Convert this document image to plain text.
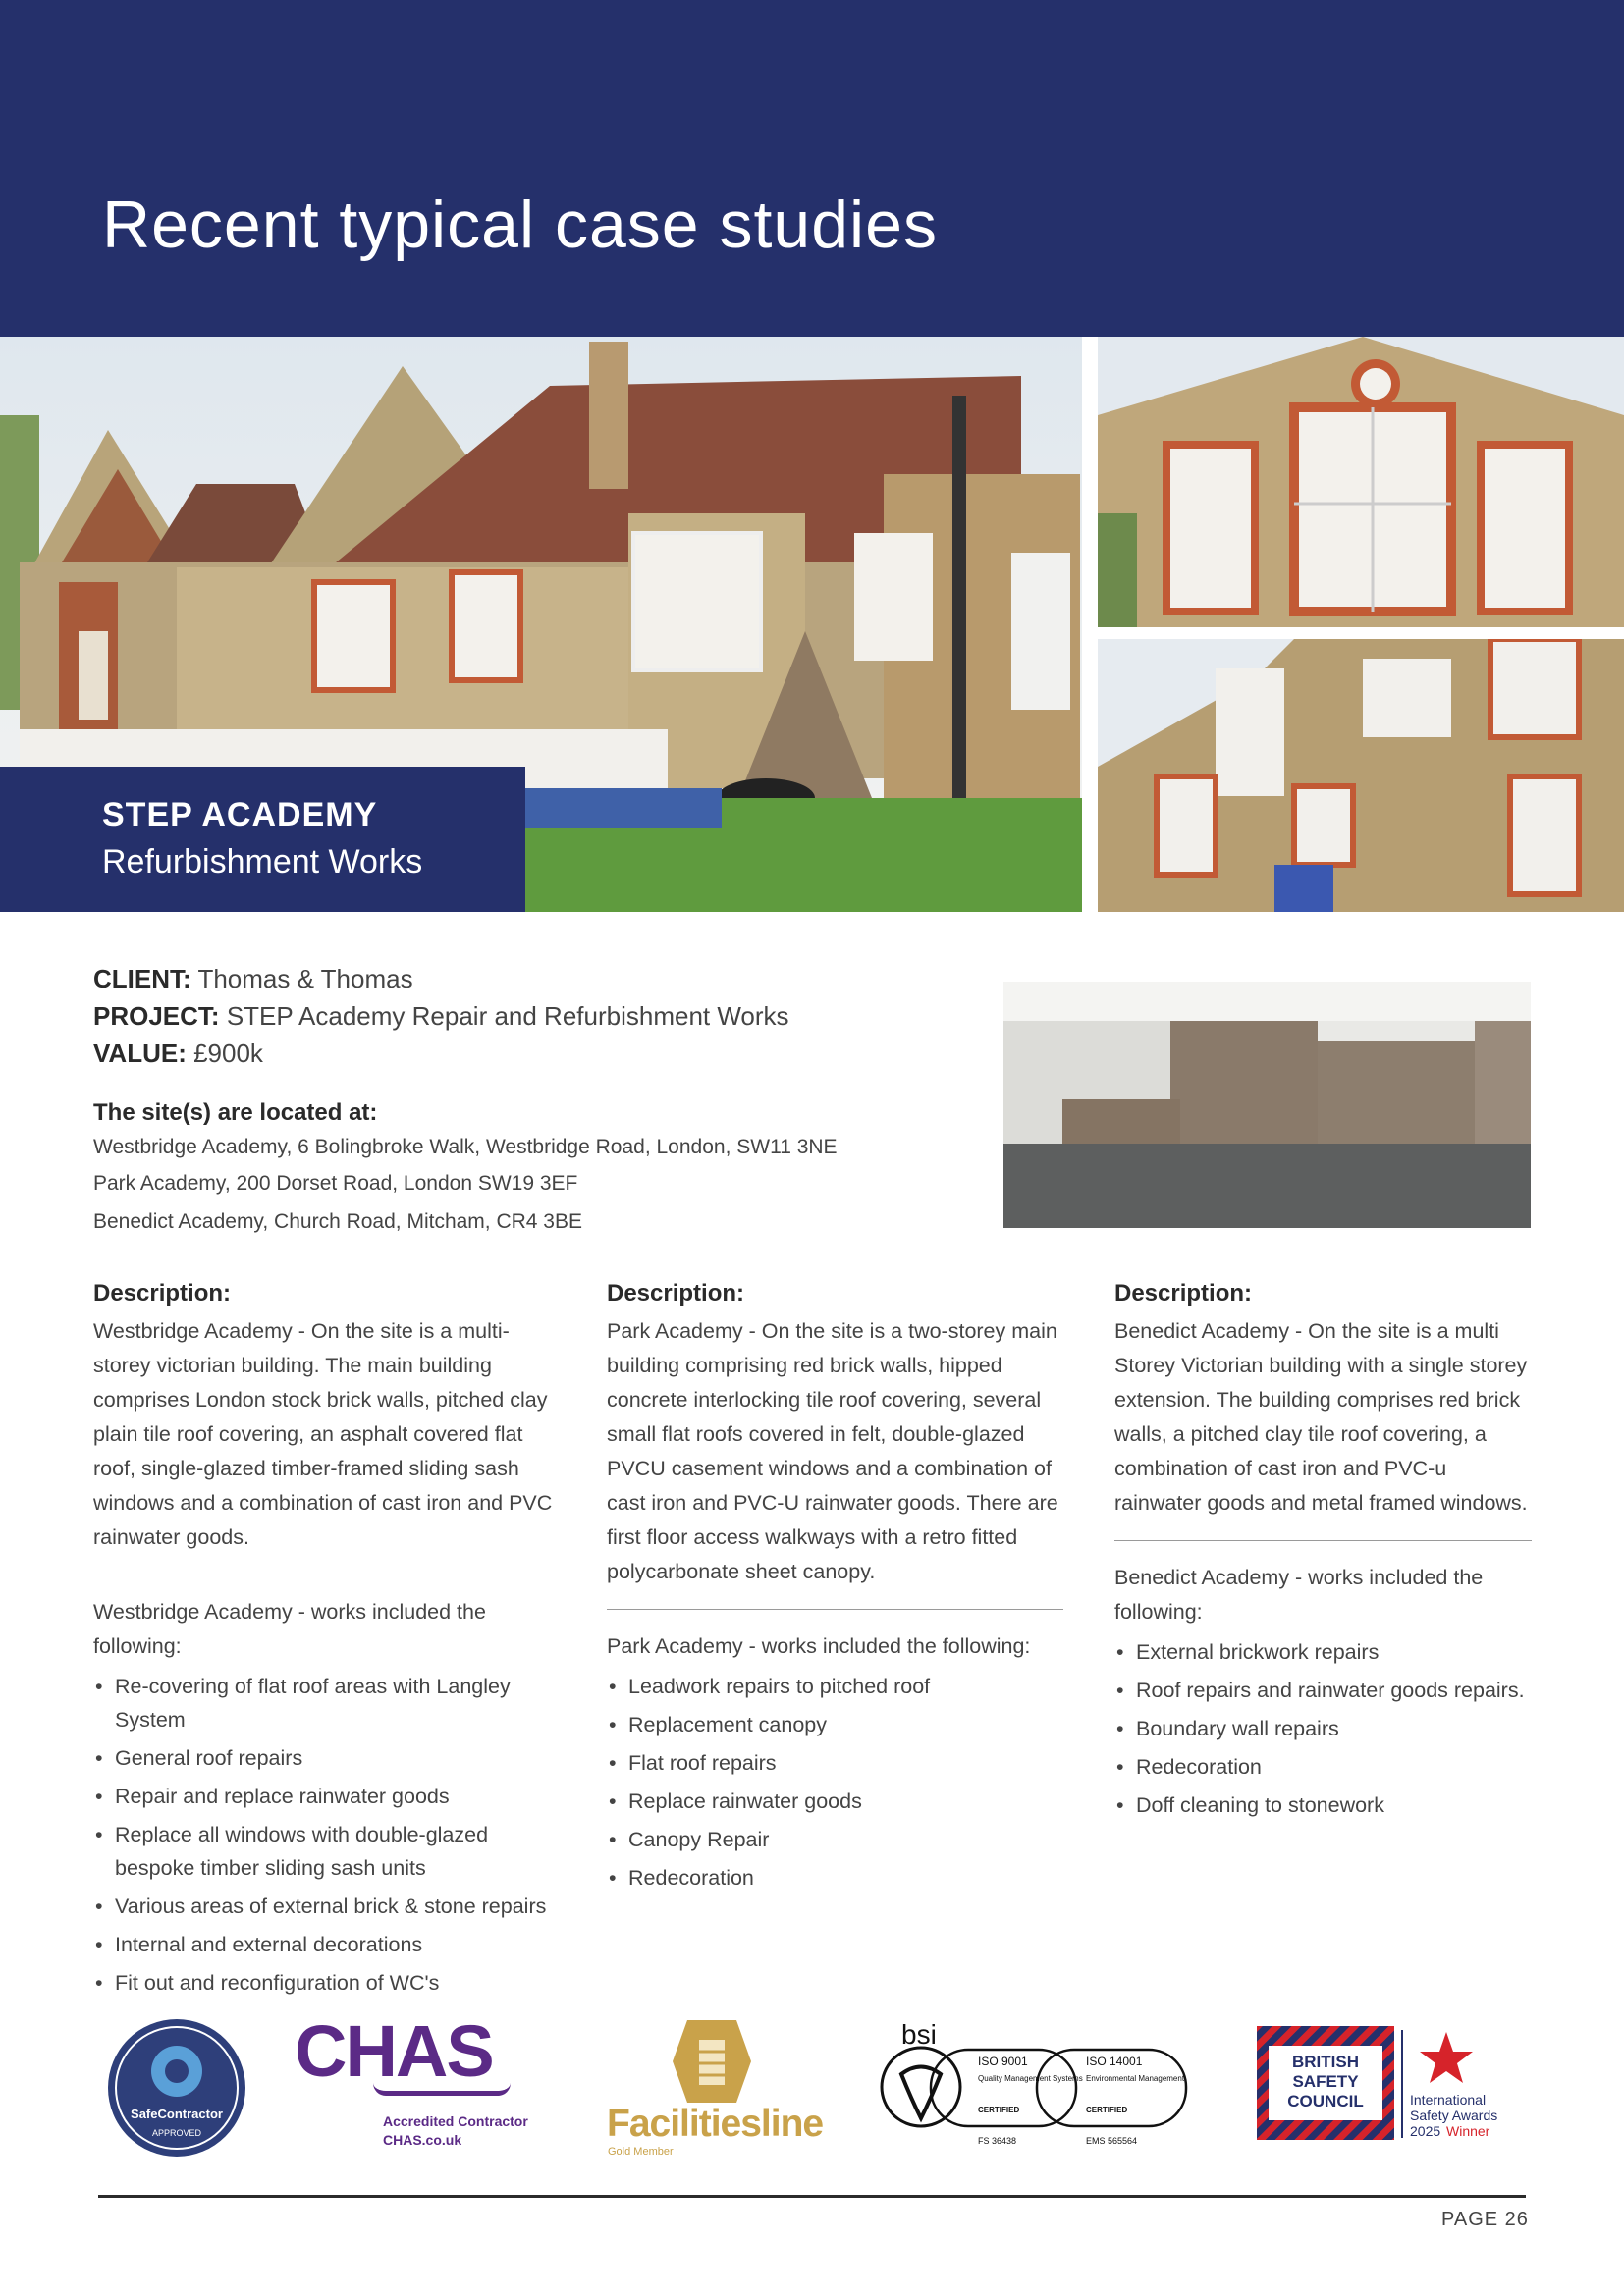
Recent typical case studies
STEP ACADEMY
Refurbishment Works
CLIENT: Thomas & Thomas
PROJECT: STEP Academy Repair and Refurbishment Works
VALUE: £900k
The site(s) are located at:
Westbridge Academy, 6 Bolingbroke Walk, Westbridge Road, London, SW11 3NE
Park Academy, 200 Dorset Road, London SW19 3EF
Benedict Academy, Church Road, Mitcham, CR4 3BE
Description:

Westbridge Academy - On the site is a multi-storey victorian building. The main building comprises London stock brick walls, pitched clay plain tile roof covering, an asphalt covered flat roof, single-glazed timber-framed sliding sash windows and a combination of cast iron and PVC rainwater goods.

Westbridge Academy - works included the following:

• Re-covering of flat roof areas with Langley System
• General roof repairs
• Repair and replace rainwater goods
• Replace all windows with double-glazed bespoke timber sliding sash units
• Various areas of external brick & stone repairs
• Internal and external decorations
• Fit out and reconfiguration of WC's
Description:

Park Academy - On the site is a two-storey main building comprising red brick walls, hipped concrete interlocking tile roof covering, several small flat roofs covered in felt, double-glazed PVCU casement windows and a combination of cast iron and PVC-U rainwater goods. There are first floor access walkways with a retro fitted polycarbonate sheet canopy.

Park Academy - works included the following:

• Leadwork repairs to pitched roof
• Replacement canopy
• Flat roof repairs
• Replace rainwater goods
• Canopy Repair
• Redecoration
Description:

Benedict Academy - On the site is a multi Storey Victorian building with a single storey extension. The building comprises red brick walls, a pitched clay tile roof covering, a combination of cast iron and PVC-u rainwater goods and metal framed windows.

Benedict Academy - works included the following:

• External brickwork repairs
• Roof repairs and rainwater goods repairs.
• Boundary wall repairs
• Redecoration
• Doff cleaning to stonework
SafeContractor
APPROVED
CHAS
Accredited Contractor
CHAS.co.uk	Facilitiesline
Gold Member
bsi
ISO 9001
Quality Management Systems
CERTIFIED
FS 36438
ISO 14001
Environmental Management
CERTIFIED
EMS 565564
BRITISH
SAFETY
COUNCIL	International
Safety Awards
2025 Winner
PAGE 26
